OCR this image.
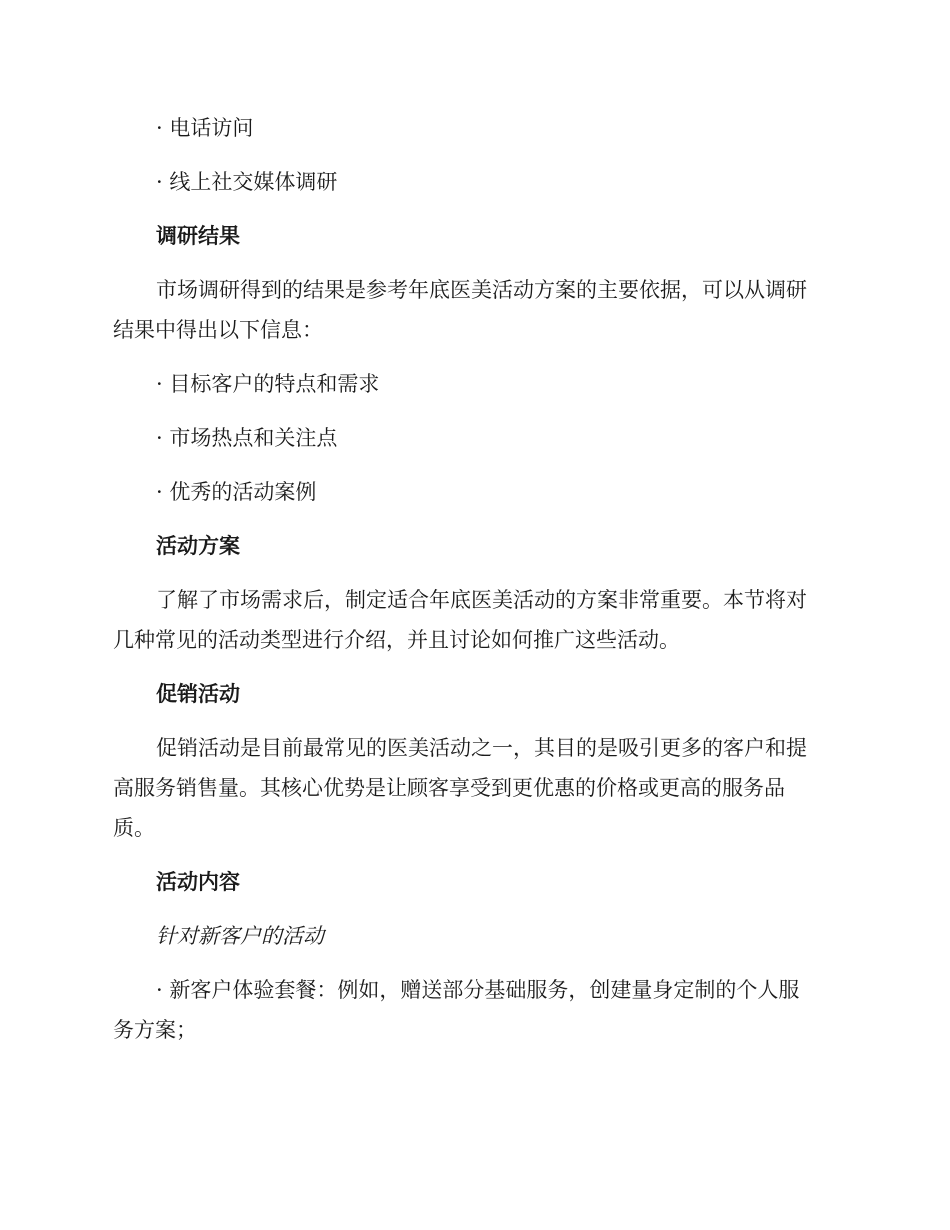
· 电话访问

· 线上社交媒体调研

调研结果

市场调研得到的结果是参考年底医美活动方案的主要依据，可以从调研
结果中得出以下信息：

· 目标客户的特点和需求

· 市场热点和关注点

· 优秀的活动案例

活动方案

了解了市场需求后，制定适合年底医美活动的方案非常重要。本节将对
几种常见的活动类型进行介绍，并且讨论如何推广这些活动。

促销活动

促销活动是目前最常见的医美活动之一，其目的是吸引更多的客户和提
高服务销售量。其核心优势是让顾客享受到更优惠的价格或更高的服务品
质。

活动内容

针对新客户的活动

· 新客户体验套餐：例如，赠送部分基础服务，创建量身定制的个人服
务方案；
